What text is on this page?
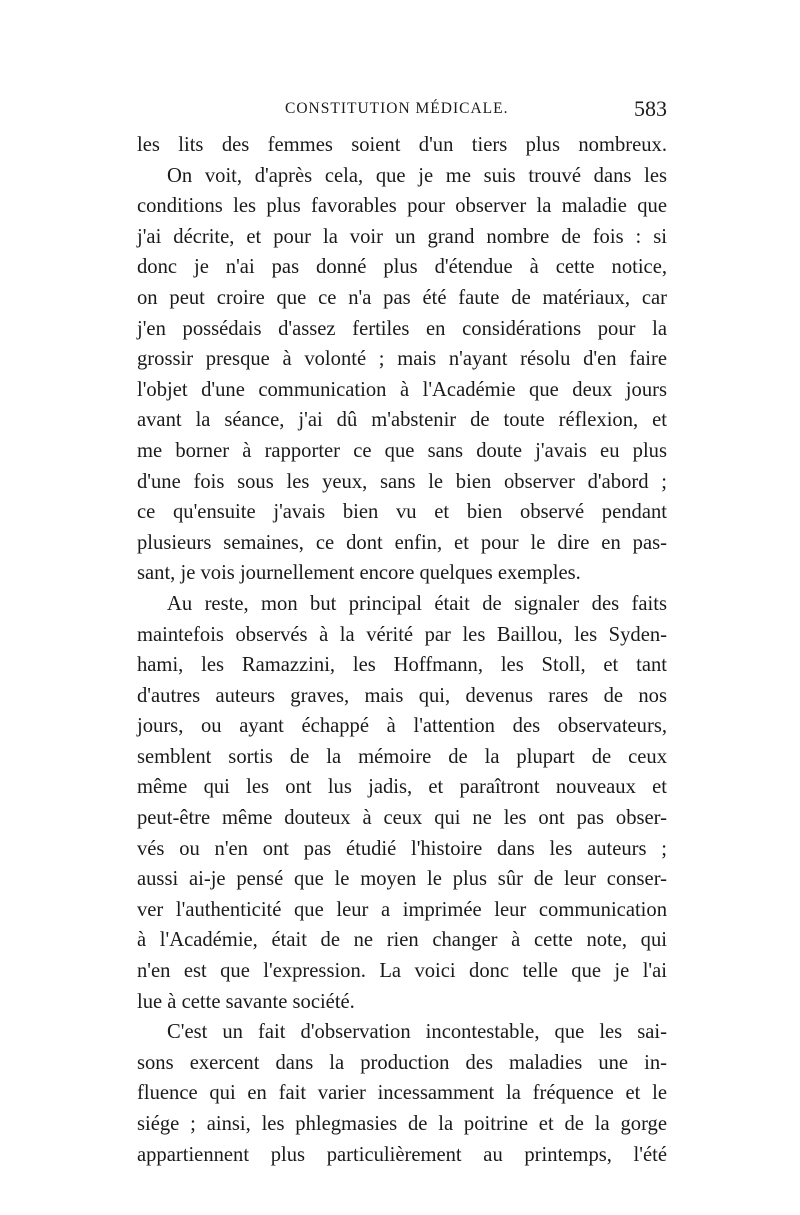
CONSTITUTION MÉDICALE.	583
les lits des femmes soient d'un tiers plus nombreux.
On voit, d'après cela, que je me suis trouvé dans les
conditions les plus favorables pour observer la maladie que
j'ai décrite, et pour la voir un grand nombre de fois : si
donc je n'ai pas donné plus d'étendue à cette notice,
on peut croire que ce n'a pas été faute de matériaux, car
j'en possédais d'assez fertiles en considérations pour la
grossir presque à volonté ; mais n'ayant résolu d'en faire
l'objet d'une communication à l'Académie que deux jours
avant la séance, j'ai dû m'abstenir de toute réflexion, et
me borner à rapporter ce que sans doute j'avais eu plus
d'une fois sous les yeux, sans le bien observer d'abord ;
ce qu'ensuite j'avais bien vu et bien observé pendant
plusieurs semaines, ce dont enfin, et pour le dire en pas-
sant, je vois journellement encore quelques exemples.
Au reste, mon but principal était de signaler des faits
maintefois observés à la vérité par les Baillou, les Syden-
hami, les Ramazzini, les Hoffmann, les Stoll, et tant
d'autres auteurs graves, mais qui, devenus rares de nos
jours, ou ayant échappé à l'attention des observateurs,
semblent sortis de la mémoire de la plupart de ceux
même qui les ont lus jadis, et paraîtront nouveaux et
peut-être même douteux à ceux qui ne les ont pas obser-
vés ou n'en ont pas étudié l'histoire dans les auteurs ;
aussi ai-je pensé que le moyen le plus sûr de leur conser-
ver l'authenticité que leur a imprimée leur communication
à l'Académie, était de ne rien changer à cette note, qui
n'en est que l'expression. La voici donc telle que je l'ai
lue à cette savante société.
C'est un fait d'observation incontestable, que les sai-
sons exercent dans la production des maladies une in-
fluence qui en fait varier incessamment la fréquence et le
siége ; ainsi, les phlegmasies de la poitrine et de la gorge
appartiennent plus particulièrement au printemps, l'été
